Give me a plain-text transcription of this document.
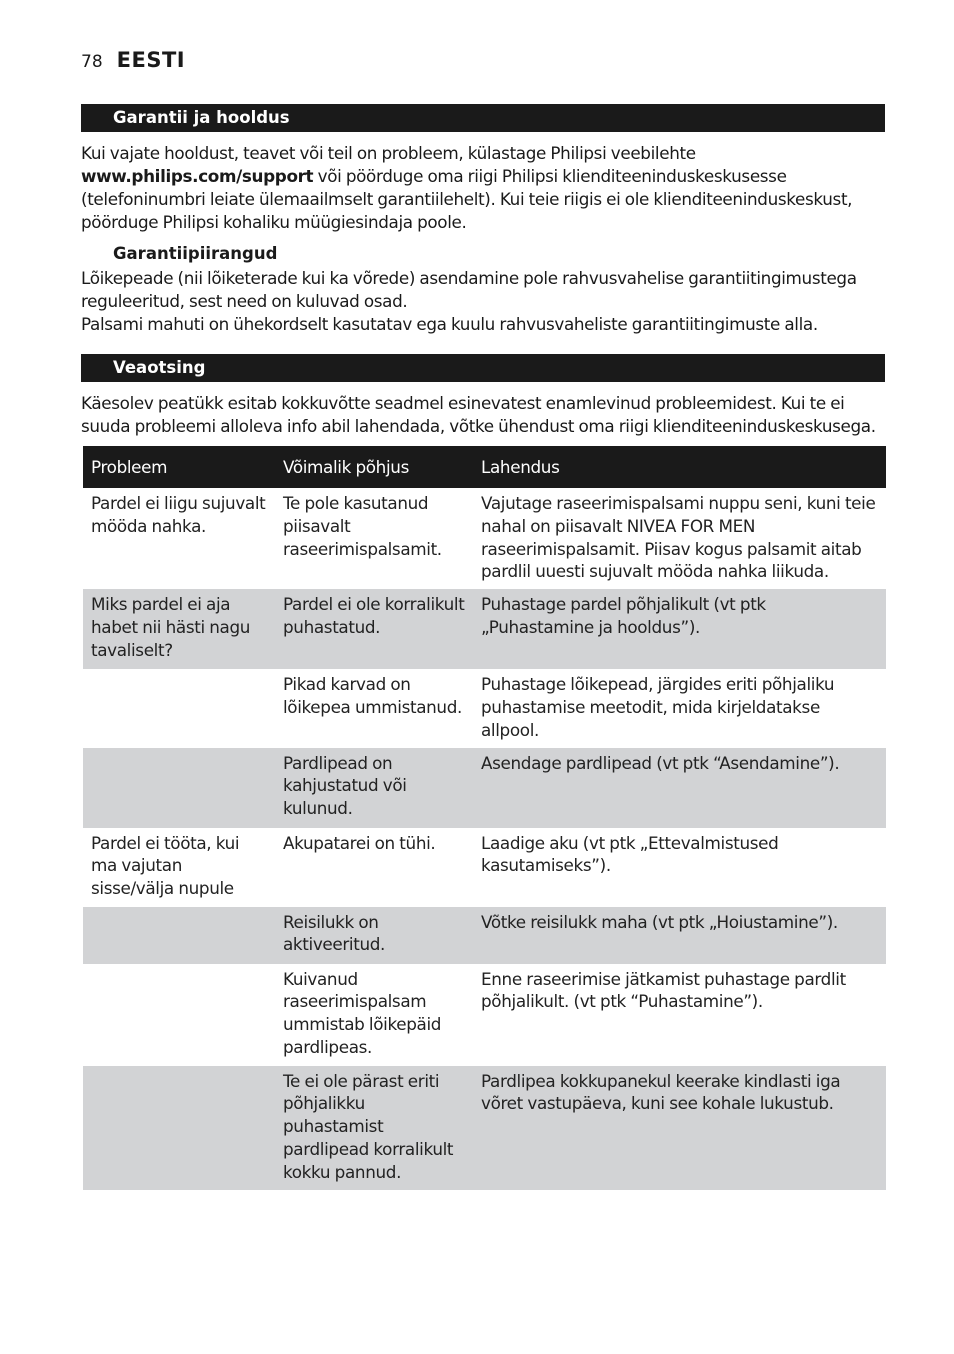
78 EESTI
Garantii ja hooldus
Kui vajate hooldust, teavet või teil on probleem, külastage Philipsi veebilehte
www.philips.com/support või pöörduge oma riigi Philipsi klienditeeninduskeskusesse (telefoninumbri leiate ülemaailmselt garantiilehelt). Kui teie riigis ei ole klienditeeninduskeskust, pöörduge Philipsi kohaliku müügiesindaja poole.
Garantiipiirangud
Lõikepeade (nii lõiketerade kui ka võrede) asendamine pole rahvusvahelise garantiitingimustega reguleeritud, sest need on kuluvad osad.
Palsami mahuti on ühekordselt kasutatav ega kuulu rahvusvaheliste garantiitingimuste alla.
Veaotsing
Käesolev peatükk esitab kokkuvõtte seadmel esinevatest enamlevinud probleemidest. Kui te ei suuda probleemi alloleva info abil lahendada, võtke ühendust oma riigi klienditeeninduskeskusega.
Probleem	Võimalik põhjus	Lahendus
Pardel ei liigu sujuvalt mööda nahka.	Te pole kasutanud piisavalt raseerimispalsamit.	Vajutage raseerimispalsami nuppu seni, kuni teie nahal on piisavalt NIVEA FOR MEN raseerimispalsamit. Piisav kogus palsamit aitab pardlil uuesti sujuvalt mööda nahka liikuda.
Miks pardel ei aja habet nii hästi nagu tavaliselt?	Pardel ei ole korralikult puhastatud.	Puhastage pardel põhjalikult (vt ptk „Puhastamine ja hooldus”).
	Pikad karvad on lõikepea ummistanud.	Puhastage lõikepead, järgides eriti põhjaliku puhastamise meetodit, mida kirjeldatakse allpool.
	Pardlipead on kahjustatud või kulunud.	Asendage pardlipead (vt ptk “Asendamine”).
Pardel ei tööta, kui ma vajutan sisse/välja nupule	Akupatarei on tühi.	Laadige aku (vt ptk „Ettevalmistused kasutamiseks”).
	Reisilukk on aktiveeritud.	Võtke reisilukk maha (vt ptk „Hoiustamine”).
	Kuivanud raseerimispalsam ummistab lõikepäid pardlipeas.	Enne raseerimise jätkamist puhastage pardlit põhjalikult. (vt ptk “Puhastamine”).
	Te ei ole pärast eriti põhjalikku puhastamist pardlipead korralikult kokku pannud.	Pardlipea kokkupanekul keerake kindlasti iga võret vastupäeva, kuni see kohale lukustub.
